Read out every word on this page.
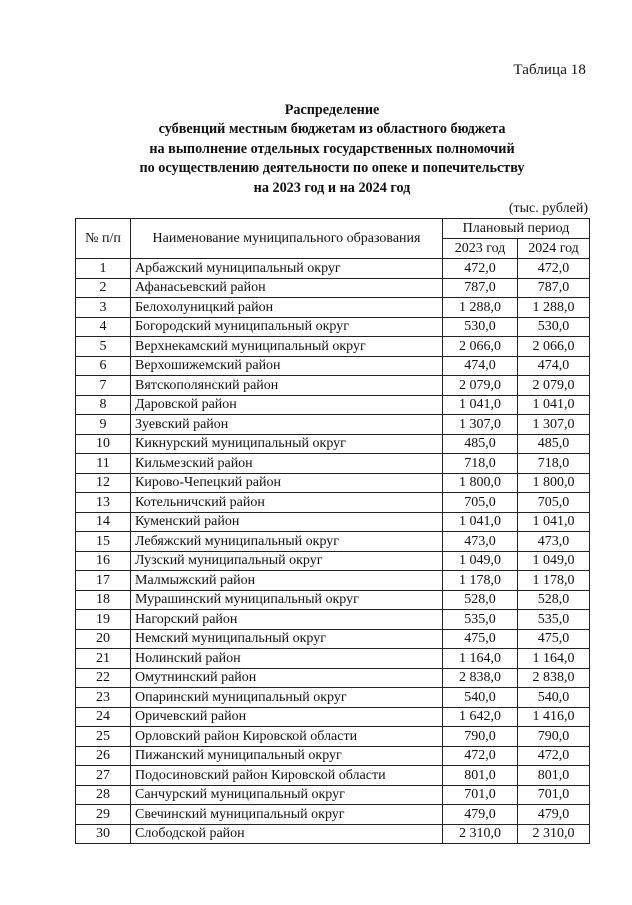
Таблица 18
Распределение
субвенций местным бюджетам из областного бюджета
на выполнение отдельных государственных полномочий
по осуществлению деятельности по опеке и попечительству
на 2023 год и на 2024 год
(тыс. рублей)
№ п/п	Наименование муниципального образования	Плановый период	
		2023 год	2024 год
1	Арбажский муниципальный округ	472,0	472,0
2	Афанасьевский район	787,0	787,0
3	Белохолуницкий район	1 288,0	1 288,0
4	Богородский муниципальный округ	530,0	530,0
5	Верхнекамский муниципальный округ	2 066,0	2 066,0
6	Верхошижемский район	474,0	474,0
7	Вятскополянский район	2 079,0	2 079,0
8	Даровской район	1 041,0	1 041,0
9	Зуевский район	1 307,0	1 307,0
10	Кикнурский муниципальный округ	485,0	485,0
11	Кильмезский район	718,0	718,0
12	Кирово-Чепецкий район	1 800,0	1 800,0
13	Котельничский район	705,0	705,0
14	Куменский район	1 041,0	1 041,0
15	Лебяжский муниципальный округ	473,0	473,0
16	Лузский муниципальный округ	1 049,0	1 049,0
17	Малмыжский район	1 178,0	1 178,0
18	Мурашинский муниципальный округ	528,0	528,0
19	Нагорский район	535,0	535,0
20	Немский муниципальный округ	475,0	475,0
21	Нолинский район	1 164,0	1 164,0
22	Омутнинский район	2 838,0	2 838,0
23	Опаринский муниципальный округ	540,0	540,0
24	Оричевский район	1 642,0	1 416,0
25	Орловский район Кировской области	790,0	790,0
26	Пижанский муниципальный округ	472,0	472,0
27	Подосиновский район Кировской области	801,0	801,0
28	Санчурский муниципальный округ	701,0	701,0
29	Свечинский муниципальный округ	479,0	479,0
30	Слободской район	2 310,0	2 310,0
